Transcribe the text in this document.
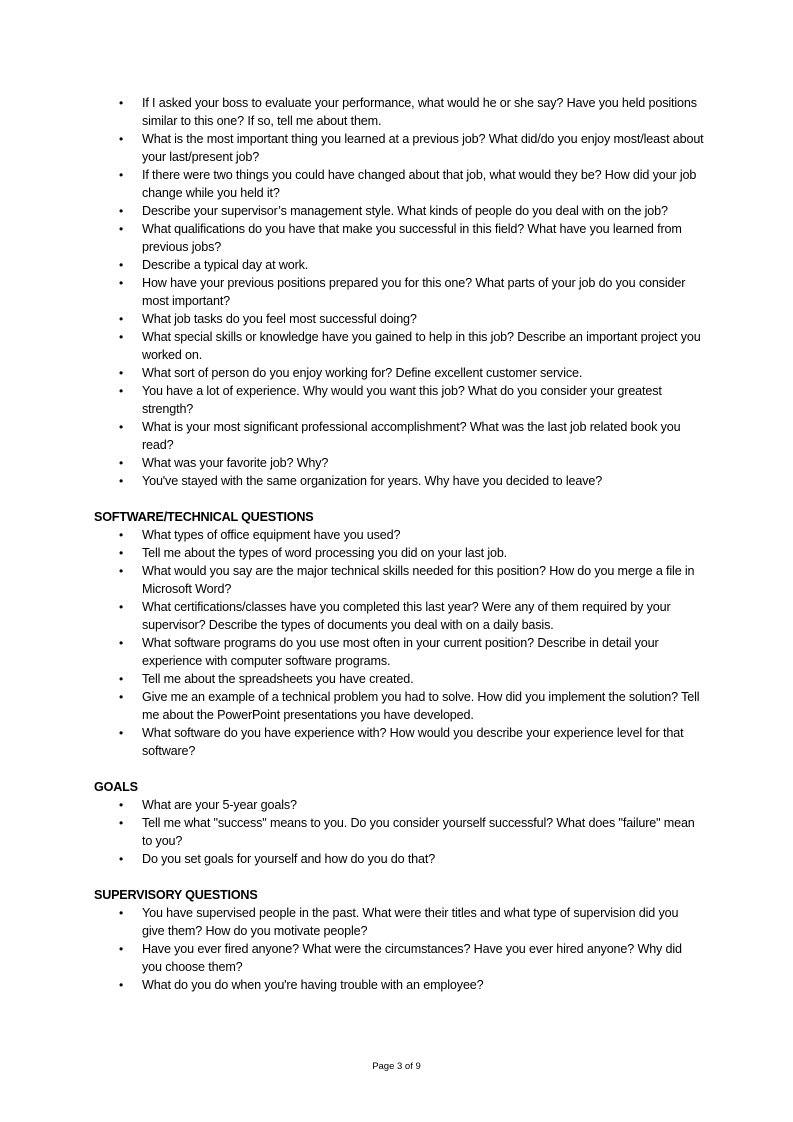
• If I asked your boss to evaluate your performance, what would he or she say? Have you held positions similar to this one? If so, tell me about them.
• What is the most important thing you learned at a previous job? What did/do you enjoy most/least about your last/present job?
• If there were two things you could have changed about that job, what would they be? How did your job change while you held it?
• Describe your supervisor’s management style. What kinds of people do you deal with on the job?
• What qualifications do you have that make you successful in this field? What have you learned from previous jobs?
• Describe a typical day at work.
• How have your previous positions prepared you for this one? What parts of your job do you consider most important?
• What job tasks do you feel most successful doing?
• What special skills or knowledge have you gained to help in this job? Describe an important project you worked on.
• What sort of person do you enjoy working for? Define excellent customer service.
• You have a lot of experience. Why would you want this job? What do you consider your greatest strength?
• What is your most significant professional accomplishment? What was the last job related book you read?
• What was your favorite job? Why?
• You've stayed with the same organization for years. Why have you decided to leave?
SOFTWARE/TECHNICAL QUESTIONS
• What types of office equipment have you used?
• Tell me about the types of word processing you did on your last job.
• What would you say are the major technical skills needed for this position? How do you merge a file in Microsoft Word?
• What certifications/classes have you completed this last year? Were any of them required by your supervisor? Describe the types of documents you deal with on a daily basis.
• What software programs do you use most often in your current position? Describe in detail your experience with computer software programs.
• Tell me about the spreadsheets you have created.
• Give me an example of a technical problem you had to solve. How did you implement the solution? Tell me about the PowerPoint presentations you have developed.
• What software do you have experience with? How would you describe your experience level for that software?
GOALS
• What are your 5-year goals?
• Tell me what "success" means to you. Do you consider yourself successful? What does "failure" mean to you?
• Do you set goals for yourself and how do you do that?
SUPERVISORY QUESTIONS
• You have supervised people in the past. What were their titles and what type of supervision did you give them? How do you motivate people?
• Have you ever fired anyone? What were the circumstances? Have you ever hired anyone? Why did you choose them?
• What do you do when you're having trouble with an employee?
Page 3 of 9
